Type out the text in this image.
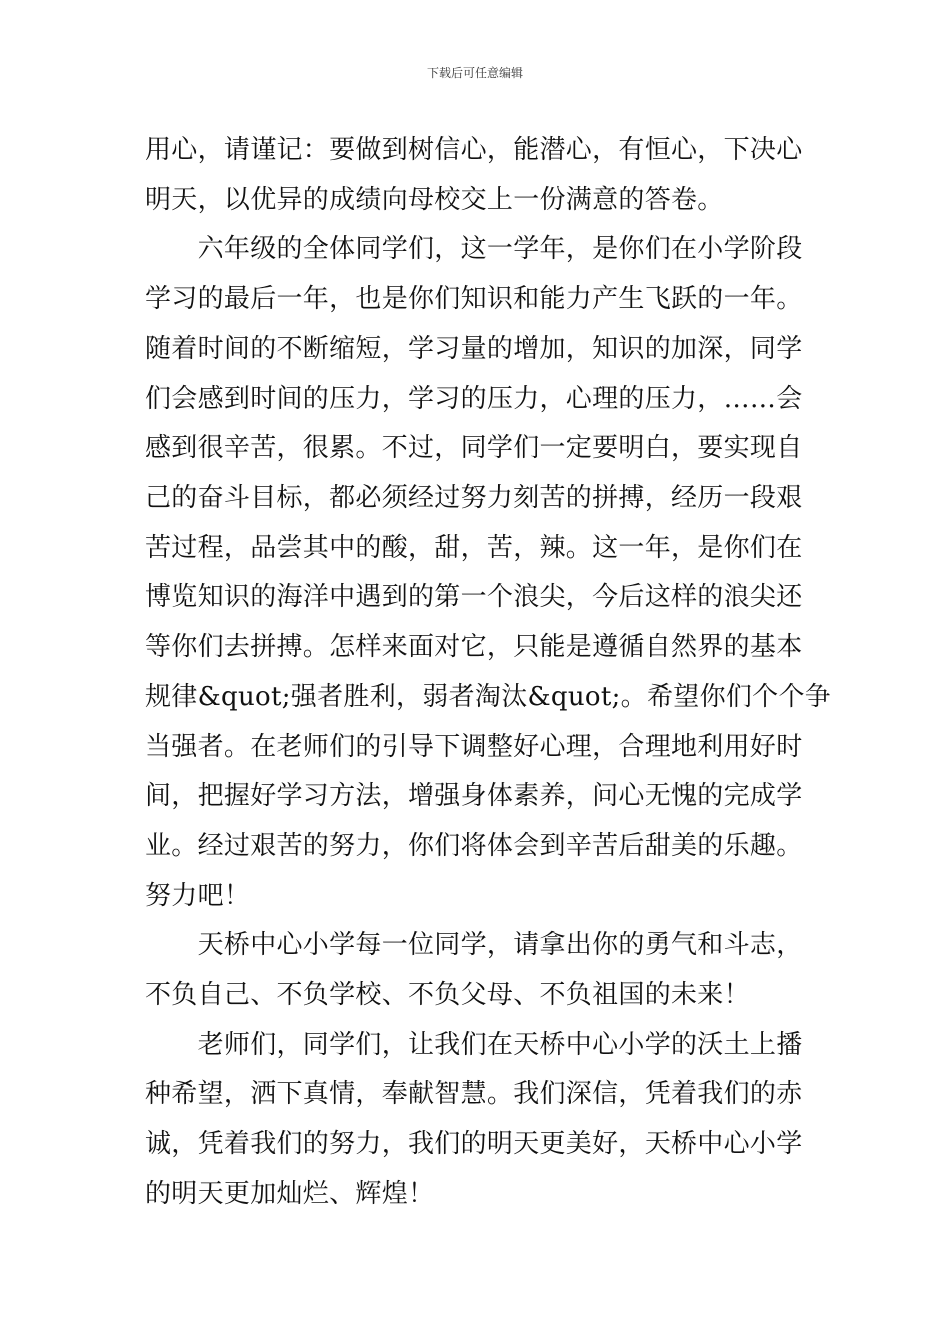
下载后可任意编辑
用心，请谨记：要做到树信心，能潜心，有恒心，下决心
明天，以优异的成绩向母校交上一份满意的答卷。
　　六年级的全体同学们，这一学年，是你们在小学阶段
学习的最后一年，也是你们知识和能力产生飞跃的一年。
随着时间的不断缩短，学习量的增加，知识的加深，同学
们会感到时间的压力，学习的压力，心理的压力，……会
感到很辛苦，很累。不过，同学们一定要明白，要实现自
己的奋斗目标，都必须经过努力刻苦的拼搏，经历一段艰
苦过程，品尝其中的酸，甜，苦，辣。这一年，是你们在
博览知识的海洋中遇到的第一个浪尖，今后这样的浪尖还
等你们去拼搏。怎样来面对它，只能是遵循自然界的基本
规律&quot;强者胜利，弱者淘汰&quot;。希望你们个个争
当强者。在老师们的引导下调整好心理，合理地利用好时
间，把握好学习方法，增强身体素养，问心无愧的完成学
业。经过艰苦的努力，你们将体会到辛苦后甜美的乐趣。
努力吧！
　　天桥中心小学每一位同学，请拿出你的勇气和斗志，
不负自己、不负学校、不负父母、不负祖国的未来！
　　老师们，同学们，让我们在天桥中心小学的沃土上播
种希望，洒下真情，奉献智慧。我们深信，凭着我们的赤
诚，凭着我们的努力，我们的明天更美好，天桥中心小学
的明天更加灿烂、辉煌！
